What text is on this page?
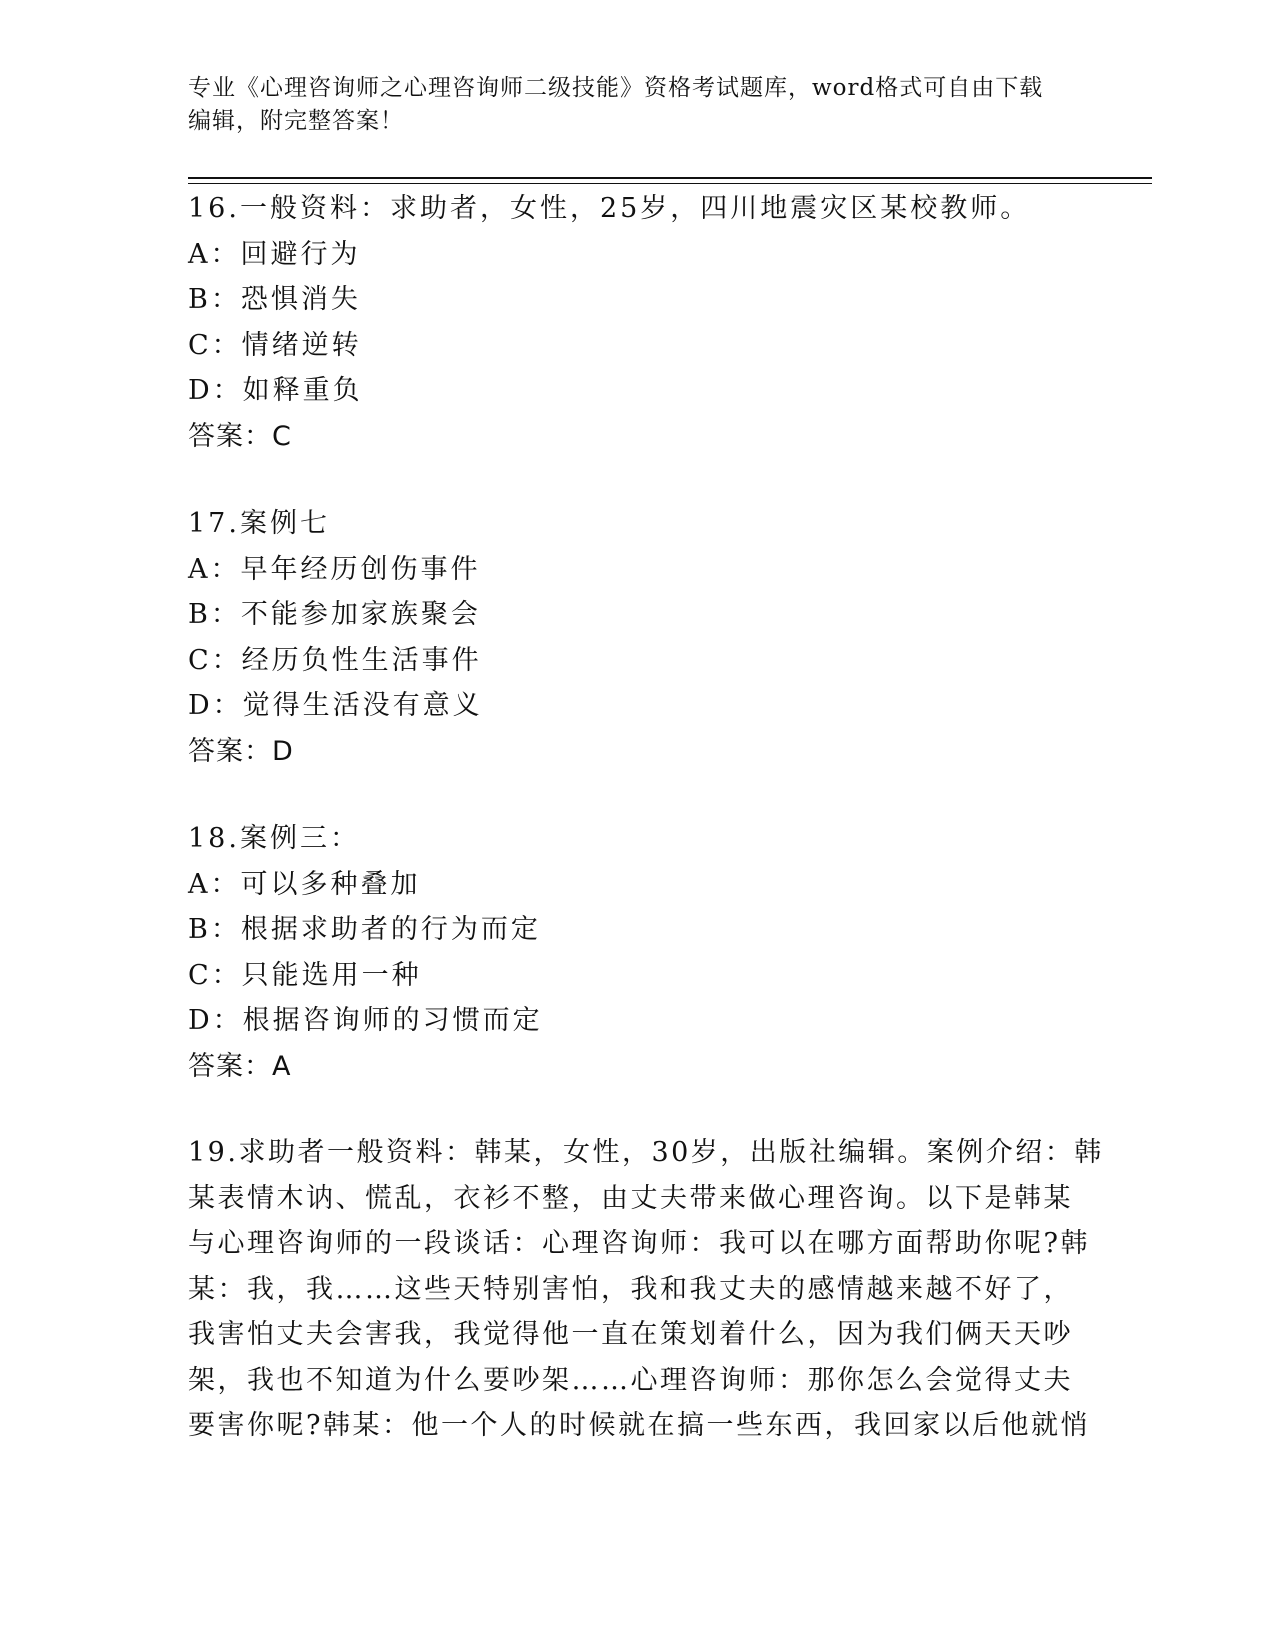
专业《心理咨询师之心理咨询师二级技能》资格考试题库，word格式可自由下载
编辑，附完整答案！
16.一般资料：求助者，女性，25岁，四川地震灾区某校教师。
A：回避行为
B：恐惧消失
C：情绪逆转
D：如释重负
答案：C
17.案例七
A：早年经历创伤事件
B：不能参加家族聚会
C：经历负性生活事件
D：觉得生活没有意义
答案：D
18.案例三：
A：可以多种叠加
B：根据求助者的行为而定
C：只能选用一种
D：根据咨询师的习惯而定
答案：A
19.求助者一般资料：韩某，女性，30岁，出版社编辑。案例介绍：韩
某表情木讷、慌乱，衣衫不整，由丈夫带来做心理咨询。以下是韩某
与心理咨询师的一段谈话：心理咨询师：我可以在哪方面帮助你呢?韩
某：我，我……这些天特别害怕，我和我丈夫的感情越来越不好了，
我害怕丈夫会害我，我觉得他一直在策划着什么，因为我们俩天天吵
架，我也不知道为什么要吵架……心理咨询师：那你怎么会觉得丈夫
要害你呢?韩某：他一个人的时候就在搞一些东西，我回家以后他就悄
